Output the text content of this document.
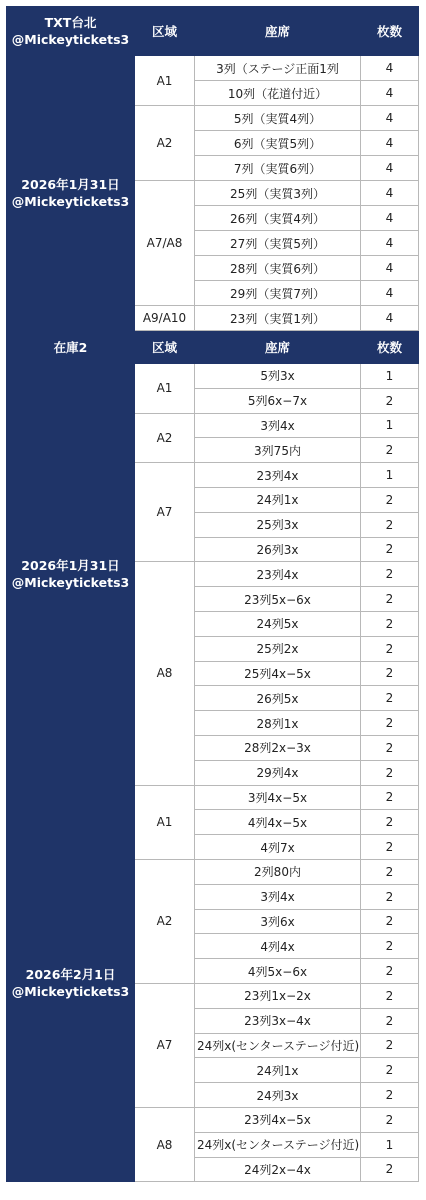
TXT台北
@Mickeytickets3	区域	座席	枚数

2026年1月31日
@Mickeytickets3	A1	3列（ステージ正面1列	4
		10列（花道付近）	4
	A2	5列（実質4列）	4
		6列（実質5列）	4
		7列（実質6列）	4
	A7/A8	25列（実質3列）	4
		26列（実質4列）	4
		27列（実質5列）	4
		28列（実質6列）	4
		29列（実質7列）	4
	A9/A10	23列（実質1列）	4
在庫2	区域	座席	枚数

2026年1月31日
@Mickeytickets3	A1	5列3x	1
		5列6x−7x	2
	A2	3列4x	1
		3列75内	2
	A7	23列4x	1
		24列1x	2
		25列3x	2
		26列3x	2
	A8	23列4x	2
		23列5x−6x	2
		24列5x	2
		25列2x	2
		25列4x−5x	2
		26列5x	2
		28列1x	2
		28列2x−3x	2
		29列4x	2

2026年2月1日
@Mickeytickets3	A1	3列4x−5x	2
		4列4x−5x	2
		4列7x	2
	A2	2列80内	2
		3列4x	2
		3列6x	2
		4列4x	2
		4列5x−6x	2
	A7	23列1x−2x	2
		23列3x−4x	2
		24列x(センターステージ付近)	2
		24列1x	2
		24列3x	2
	A8	23列4x−5x	2
		24列x(センターステージ付近)	1
		24列2x−4x	2
